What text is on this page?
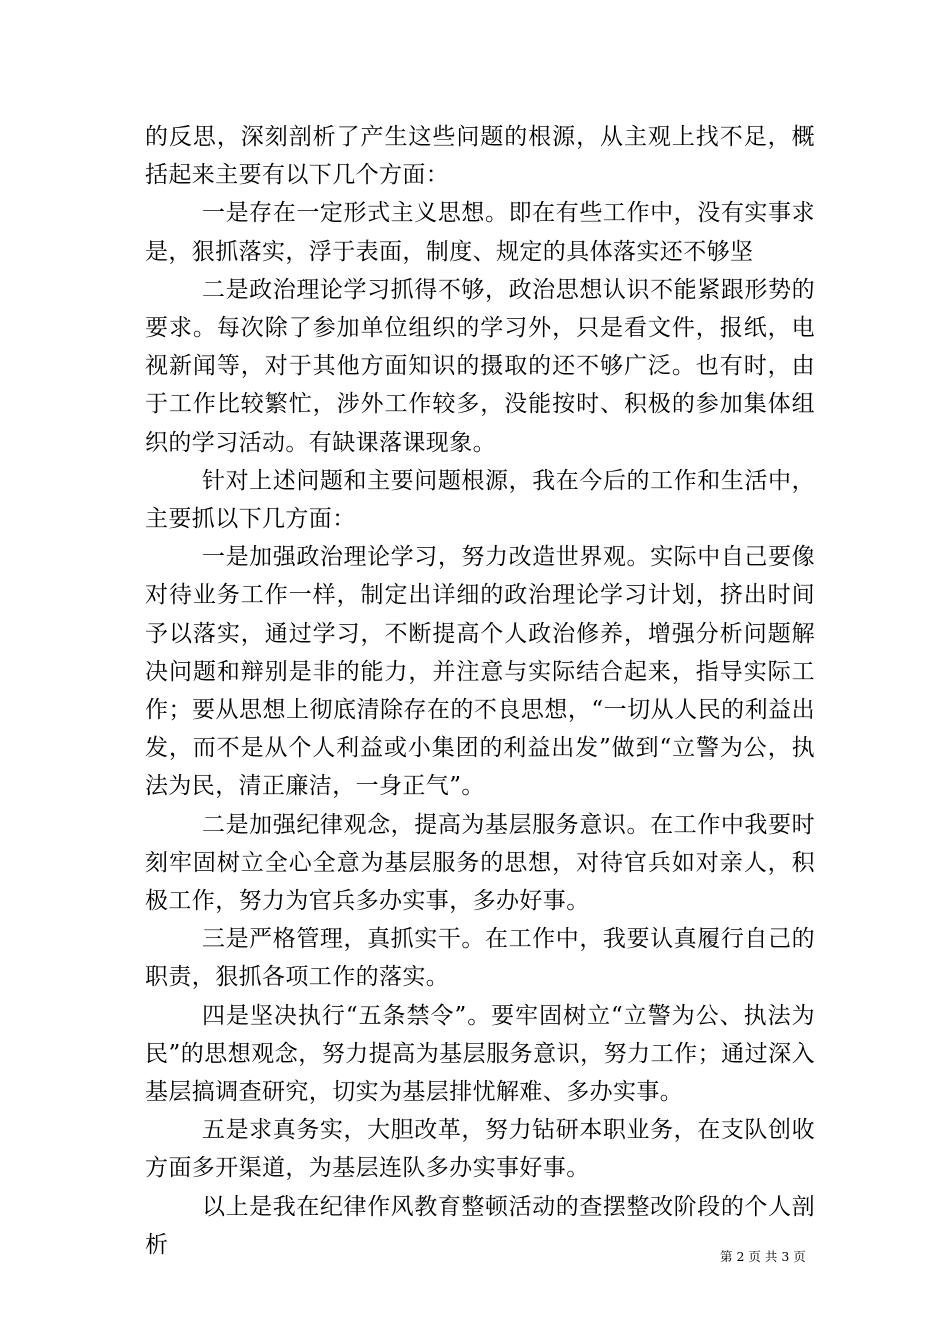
的反思，深刻剖析了产生这些问题的根源，从主观上找不足，概括起来主要有以下几个方面：

一是存在一定形式主义思想。即在有些工作中，没有实事求是，狠抓落实，浮于表面，制度、规定的具体落实还不够坚

二是政治理论学习抓得不够，政治思想认识不能紧跟形势的要求。每次除了参加单位组织的学习外，只是看文件，报纸，电视新闻等，对于其他方面知识的摄取的还不够广泛。也有时，由于工作比较繁忙，涉外工作较多，没能按时、积极的参加集体组织的学习活动。有缺课落课现象。

针对上述问题和主要问题根源，我在今后的工作和生活中，主要抓以下几方面：

一是加强政治理论学习，努力改造世界观。实际中自己要像对待业务工作一样，制定出详细的政治理论学习计划，挤出时间予以落实，通过学习，不断提高个人政治修养，增强分析问题解决问题和辩别是非的能力，并注意与实际结合起来，指导实际工作；要从思想上彻底清除存在的不良思想，“一切从人民的利益出发，而不是从个人利益或小集团的利益出发”做到“立警为公，执法为民，清正廉洁，一身正气”。

二是加强纪律观念，提高为基层服务意识。在工作中我要时刻牢固树立全心全意为基层服务的思想，对待官兵如对亲人，积极工作，努力为官兵多办实事，多办好事。

三是严格管理，真抓实干。在工作中，我要认真履行自己的职责，狠抓各项工作的落实。

四是坚决执行“五条禁令”。要牢固树立“立警为公、执法为民”的思想观念，努力提高为基层服务意识，努力工作；通过深入基层搞调查研究，切实为基层排忧解难、多办实事。

五是求真务实，大胆改革，努力钻研本职业务，在支队创收方面多开渠道，为基层连队多办实事好事。

以上是我在纪律作风教育整顿活动的查摆整改阶段的个人剖析	第 2 页 共 3 页
